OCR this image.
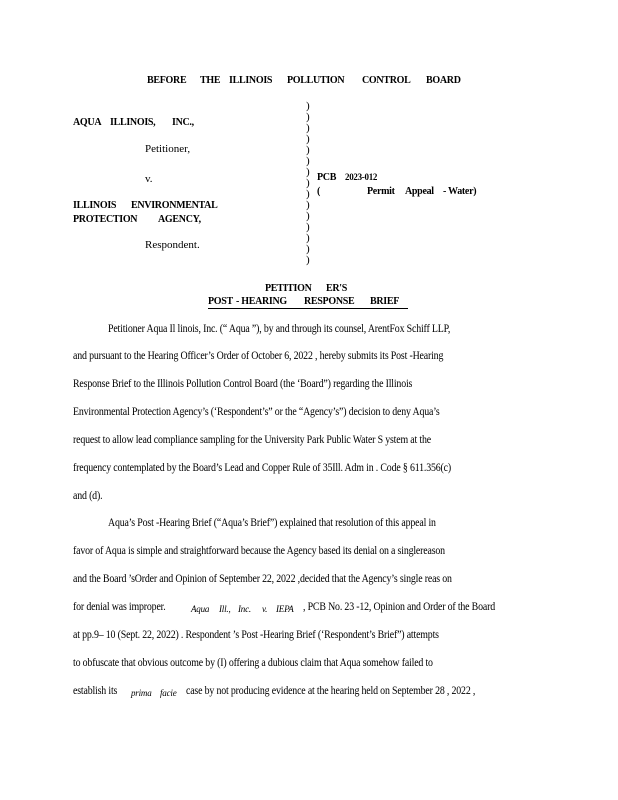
BEFORE THE ILLINOIS POLLUTION CONTROL BOARD
)
)
)
)
)
)
)
)
)
)
)
)
)
)
)
AQUA ILLINOIS, INC.,
Petitioner,
v.
ILLINOIS ENVIRONMENTAL
PROTECTION AGENCY,
Respondent.
PCB 2023-012
(	Permit Appeal - Water)
PETITION ER'S
POST - HEARING RESPONSE BRIEF
Petitioner Aqua Il linois, Inc. (“ Aqua ”), by and through its counsel, ArentFox Schiff LLP,
and pursuant to the Hearing Officer’s Order of October 6, 2022 , hereby submits its Post -Hearing
Response Brief to the Illinois Pollution Control Board (the ‘Board”) regarding the Illinois
Environmental Protection Agency’s (‘Respondent’s” or the “Agency’s”) decision to deny Aqua’s
request to allow lead compliance sampling for the University Park Public Water S ystem at the
frequency contemplated by the Board’s Lead and Copper Rule of 35Ill. Adm in . Code § 611.356(c)
and (d).
Aqua’s Post -Hearing Brief (“Aqua’s Brief”) explained that resolution of this appeal in
favor of Aqua is simple and straightforward because the Agency based its denial on a singlereason
and the Board ’sOrder and Opinion of September 22, 2022 ,decided that the Agency’s single reas on
for denial was improper.	Aqua Ill., Inc. v. IEPA , PCB No. 23 -12, Opinion and Order of the Board
at pp.9– 10 (Sept. 22, 2022) . Respondent ’s Post -Hearing Brief (‘Respondent’s Brief”) attempts
to obfuscate that obvious outcome by (I) offering a dubious claim that Aqua somehow failed to
establish its	prima facie case by not producing evidence at the hearing held on September 28 , 2022 ,
